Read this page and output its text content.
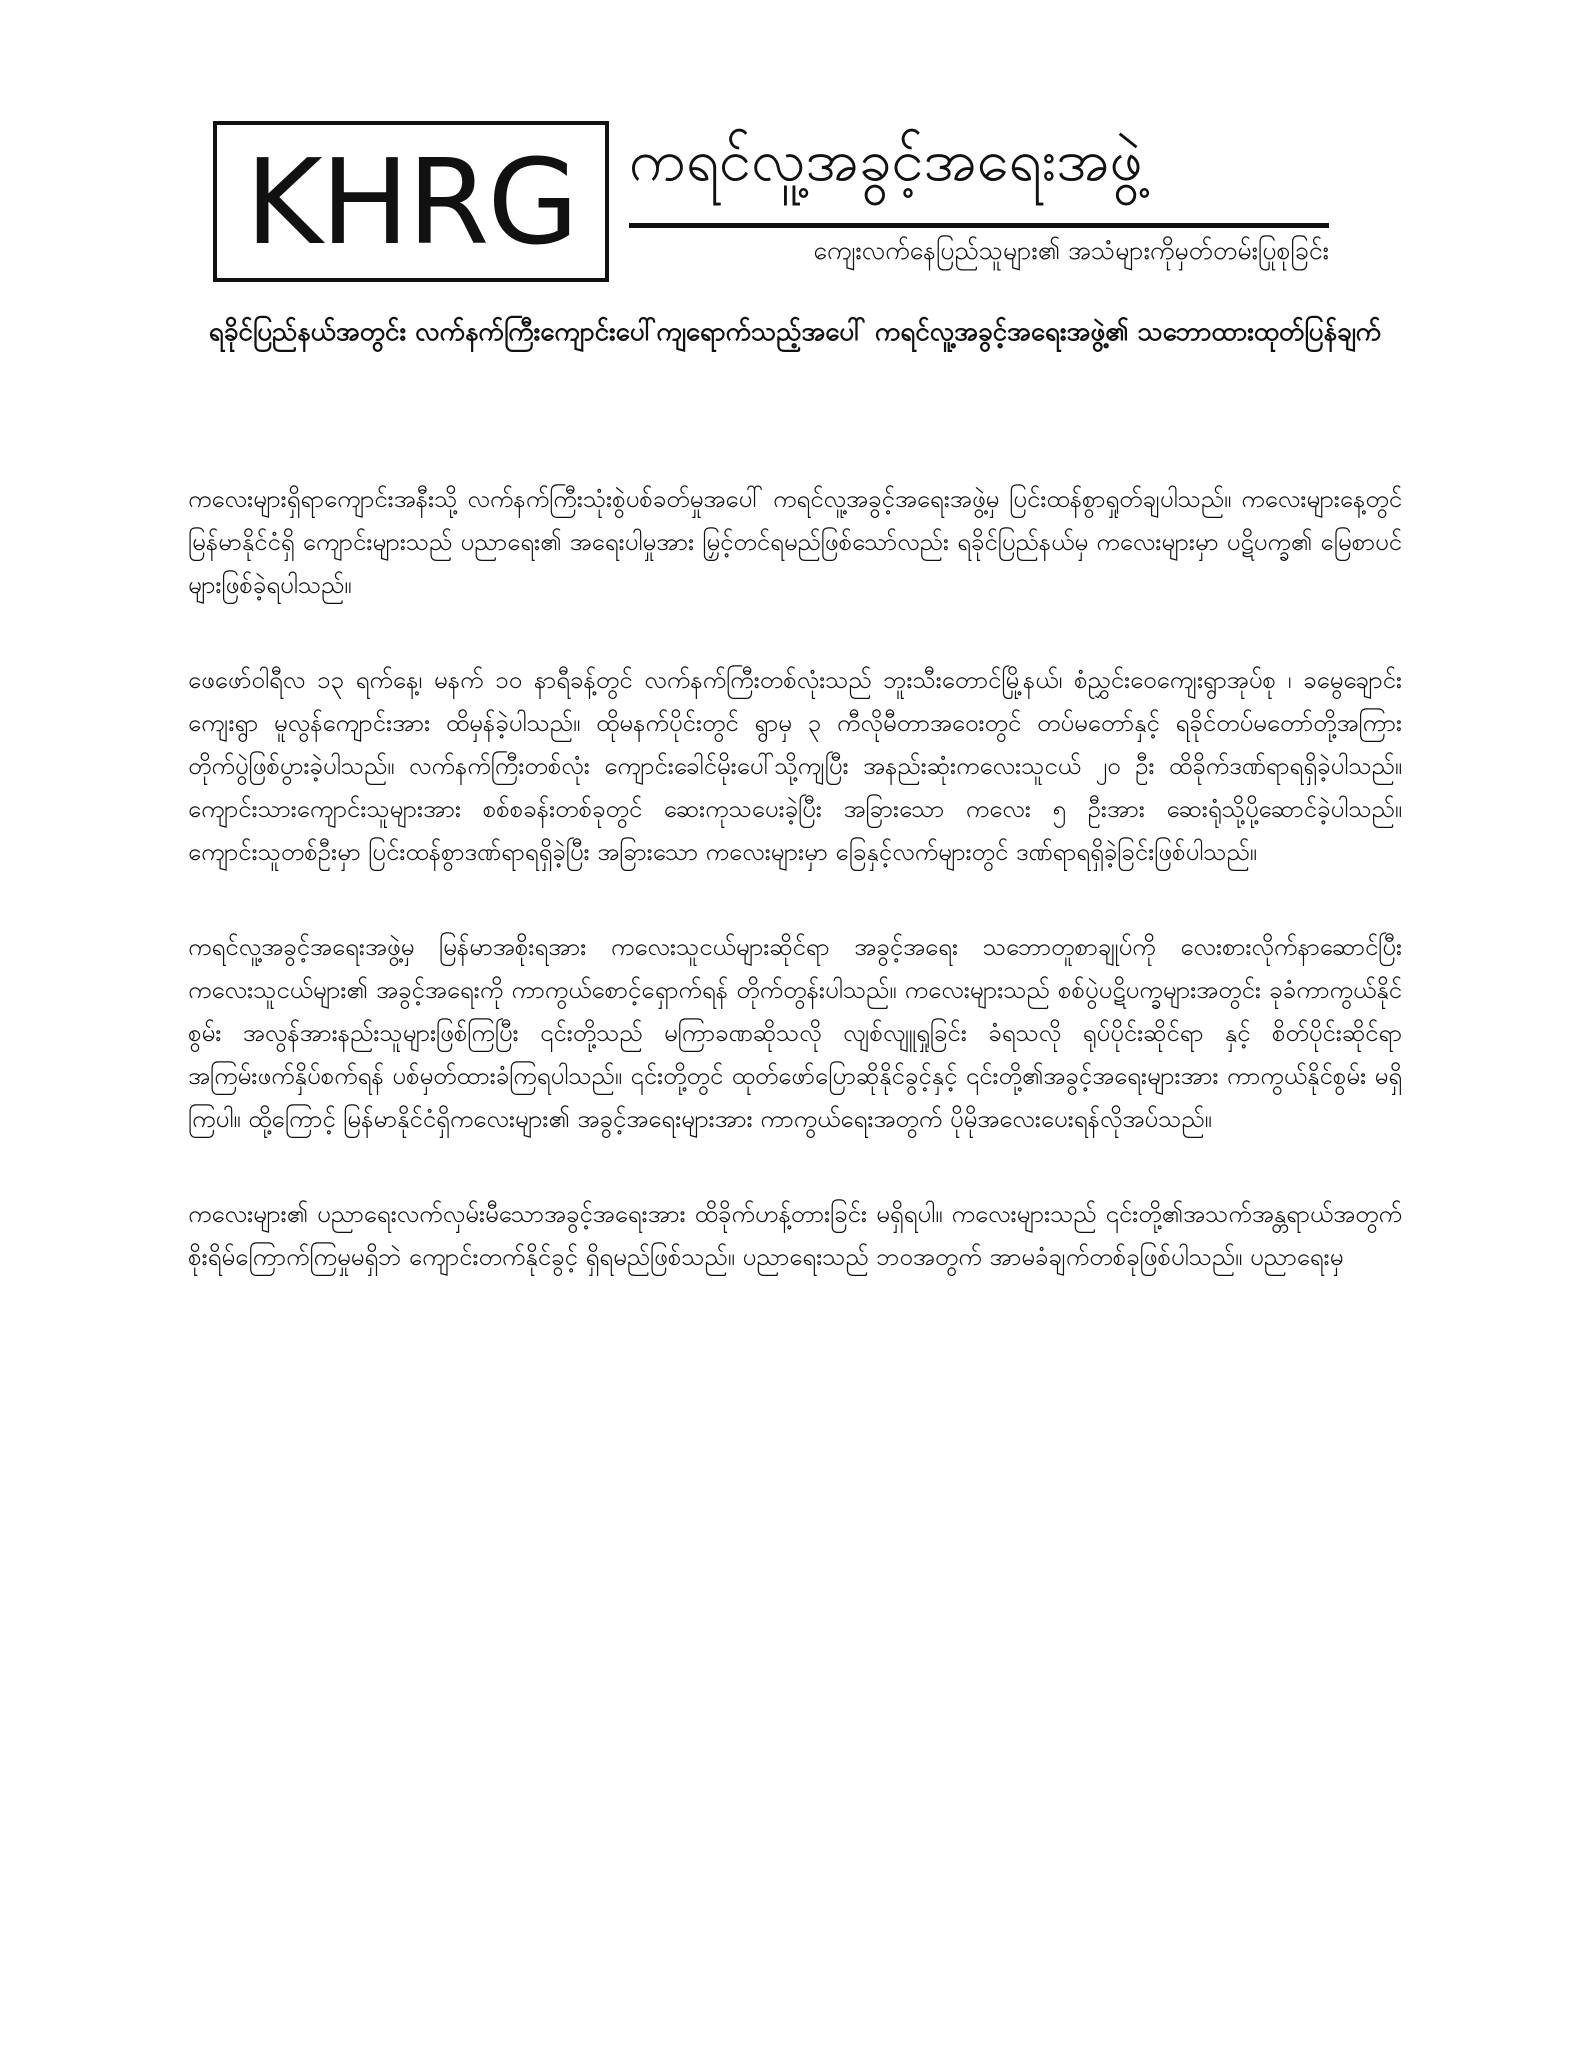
KHRG ကရင်လူ့အခွင့်အရေးအဖွဲ့
ကျေးလက်နေပြည်သူများ၏ အသံများကိုမှတ်တမ်းပြုစုခြင်း
ရခိုင်ပြည်နယ်အတွင်း လက်နက်ကြီးကျောင်းပေါ်ကျရောက်သည့်အပေါ် ကရင်လူ့အခွင့်အရေးအဖွဲ့၏ သဘောထားထုတ်ပြန်ချက်

ကလေးများရှိရာကျောင်းအနီးသို့ လက်နက်ကြီးသုံးစွဲပစ်ခတ်မှုအပေါ် ကရင်လူ့အခွင့်အရေးအဖွဲ့မှ ပြင်းထန်စွာရှုတ်ချပါသည်။ ကလေးများနေ့တွင် မြန်မာနိုင်ငံရှိ ကျောင်းများသည် ပညာရေး၏ အရေးပါမှုအား မြှင့်တင်ရမည်ဖြစ်သော်လည်း ရခိုင်ပြည်နယ်မှ ကလေးများမှာ ပဋိပက္ခ၏ မြေစာပင်များဖြစ်ခဲ့ရပါသည်။

ဖေဖော်ဝါရီလ ၁၃ ရက်နေ့၊ မနက် ၁၀ နာရီခန့်တွင် လက်နက်ကြီးတစ်လုံးသည် ဘူးသီးတောင်မြို့နယ်၊ စံညွှင်းဝေကျေးရွာအုပ်စု ၊ ခမွေချောင်းကျေးရွာ မူလွန်ကျောင်းအား ထိမှန်ခဲ့ပါသည်။ ထိုမနက်ပိုင်းတွင် ရွာမှ ၃ ကီလိုမီတာအဝေးတွင် တပ်မတော်နှင့် ရခိုင်တပ်မတော်တို့အကြား တိုက်ပွဲဖြစ်ပွားခဲ့ပါသည်။ လက်နက်ကြီးတစ်လုံး ကျောင်းခေါင်မိုးပေါ်သို့ကျပြီး အနည်းဆုံးကလေးသူငယ် ၂၀ ဦး ထိခိုက်ဒဏ်ရာရရှိခဲ့ပါသည်။ ကျောင်းသားကျောင်းသူများအား စစ်စခန်းတစ်ခုတွင် ဆေးကုသပေးခဲ့ပြီး အခြားသော ကလေး ၅ ဦးအား ဆေးရုံသို့ပို့ဆောင်ခဲ့ပါသည်။ ကျောင်းသူတစ်ဦးမှာ ပြင်းထန်စွာဒဏ်ရာရရှိခဲ့ပြီး အခြားသော ကလေးများမှာ ခြေနှင့်လက်များတွင် ဒဏ်ရာရရှိခဲ့ခြင်းဖြစ်ပါသည်။

ကရင်လူ့အခွင့်အရေးအဖွဲ့မှ မြန်မာအစိုးရအား ကလေးသူငယ်များဆိုင်ရာ အခွင့်အရေး သဘောတူစာချုပ်ကို လေးစားလိုက်နာဆောင်ပြီး ကလေးသူငယ်များ၏ အခွင့်အရေးကို ကာကွယ်စောင့်ရှောက်ရန် တိုက်တွန်းပါသည်။ ကလေးများသည် စစ်ပွဲပဋိပက္ခများအတွင်း ခုခံကာကွယ်နိုင်စွမ်း အလွန်အားနည်းသူများဖြစ်ကြပြီး ၎င်းတို့သည် မကြာခဏဆိုသလို လျစ်လျူရှုခြင်း ခံရသလို ရုပ်ပိုင်းဆိုင်ရာ နှင့် စိတ်ပိုင်းဆိုင်ရာ အကြမ်းဖက်နှိပ်စက်ရန် ပစ်မှတ်ထားခံကြရပါသည်။ ၎င်းတို့တွင် ထုတ်ဖော်ပြောဆိုနိုင်ခွင့်နှင့် ၎င်းတို့၏အခွင့်အရေးများအား ကာကွယ်နိုင်စွမ်း မရှိကြပါ။ ထို့ကြောင့် မြန်မာနိုင်ငံရှိကလေးများ၏ အခွင့်အရေးများအား ကာကွယ်ရေးအတွက် ပိုမိုအလေးပေးရန်လိုအပ်သည်။

ကလေးများ၏ ပညာရေးလက်လှမ်းမီသောအခွင့်အရေးအား ထိခိုက်ဟန့်တားခြင်း မရှိရပါ။ ကလေးများသည် ၎င်းတို့၏အသက်အန္တရာယ်အတွက် စိုးရိမ်ကြောက်ကြမှုမရှိဘဲ ကျောင်းတက်နိုင်ခွင့် ရှိရမည်ဖြစ်သည်။ ပညာရေးသည် ဘဝအတွက် အာမခံချက်တစ်ခုဖြစ်ပါသည်။ ပညာရေးမှ
